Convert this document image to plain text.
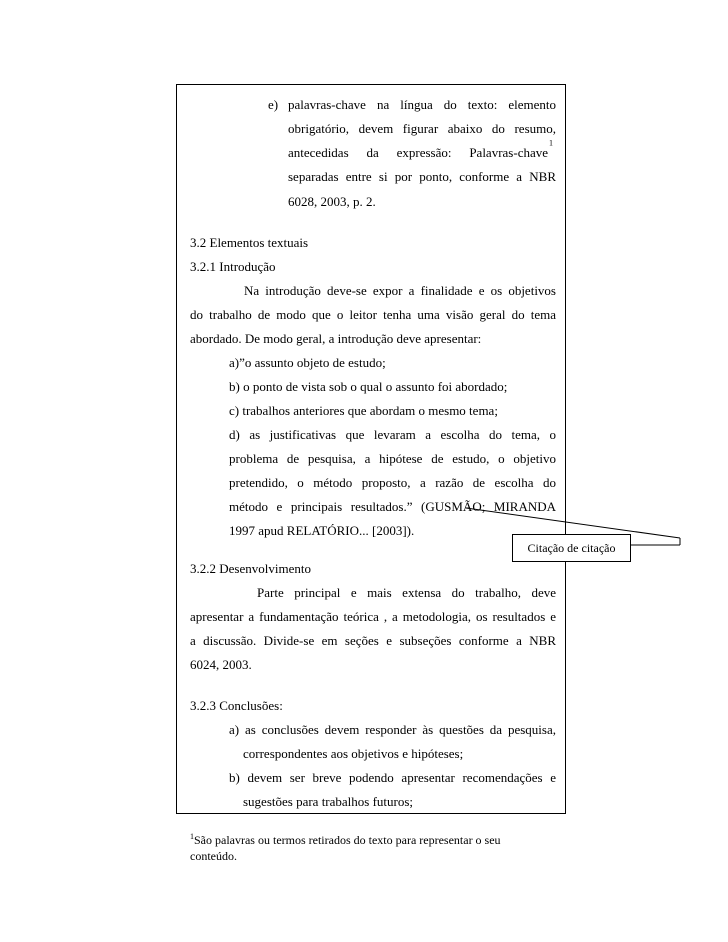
e) palavras-chave na língua do texto: elemento
obrigatório, devem figurar abaixo do resumo,
antecedidas da expressão: Palavras-chave
$^1$
separadas entre si por ponto, conforme a NBR
6028, 2003, p. 2.
3.2 Elementos textuais
3.2.1 Introdução
Na introdução deve-se expor a finalidade e os objetivos
do trabalho de modo que o leitor tenha uma visão geral do tema
abordado. De modo geral, a introdução deve apresentar:
a)”o assunto objeto de estudo;
b) o ponto de vista sob o qual o assunto foi abordado;
c) trabalhos anteriores que abordam o mesmo tema;
d) as justificativas que levaram a escolha do tema, o
problema de pesquisa, a hipótese de estudo, o objetivo
pretendido, o método proposto, a razão de escolha do
método e principais resultados.” (GUSMÃO; MIRANDA
1997 apud RELATÓRIO... [2003]).
Citação de citação
3.2.2 Desenvolvimento
Parte principal e mais extensa do trabalho, deve
apresentar a fundamentação teórica , a metodologia, os resultados e
a discussão. Divide-se em seções e subseções conforme a NBR
6024, 2003.
3.2.3 Conclusões:
a) as conclusões devem responder às questões da pesquisa,
correspondentes aos objetivos e hipóteses;
b) devem ser breve podendo apresentar recomendações e
sugestões para trabalhos futuros;
$^1$São palavras ou termos retirados do texto para representar o seu
conteúdo.
